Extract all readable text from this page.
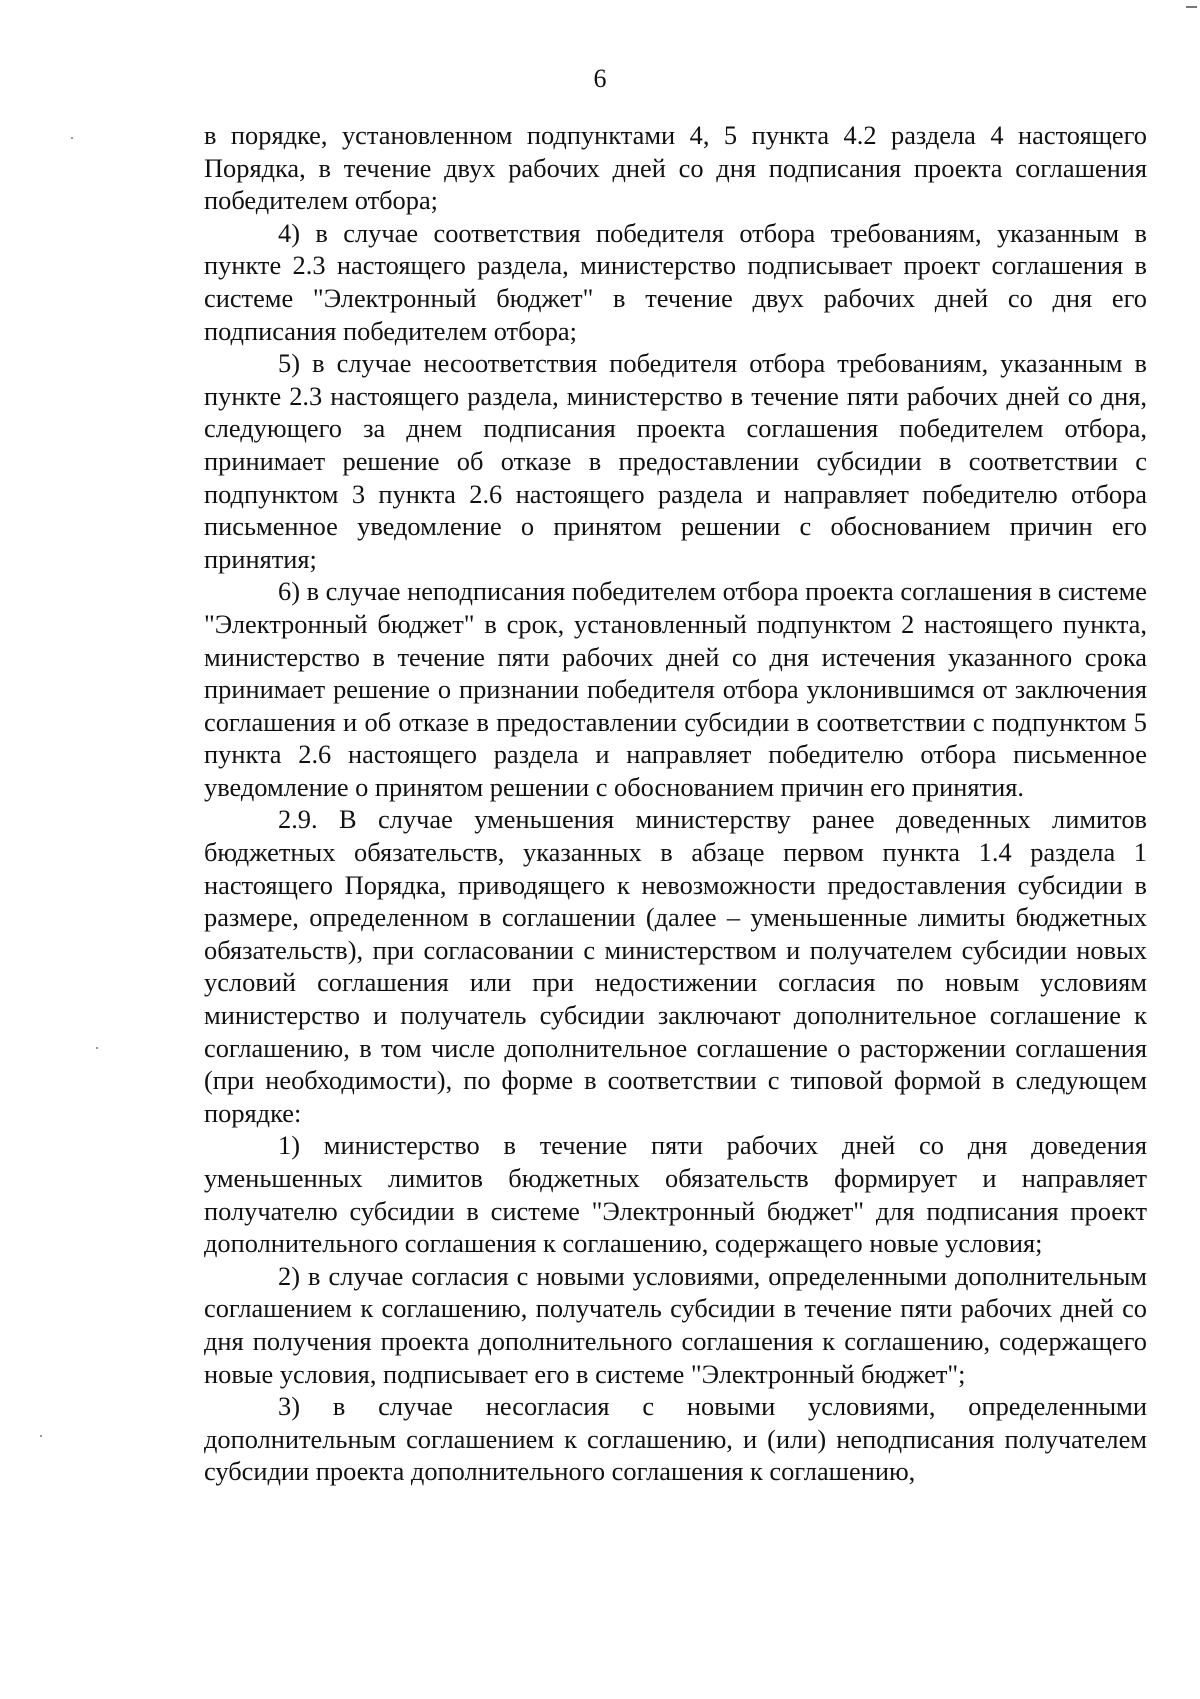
6

в порядке, установленном подпунктами 4, 5 пункта 4.2 раздела 4 настоящего Порядка, в течение двух рабочих дней со дня подписания проекта соглашения победителем отбора;

4) в случае соответствия победителя отбора требованиям, указанным в пункте 2.3 настоящего раздела, министерство подписывает проект соглашения в системе "Электронный бюджет" в течение двух рабочих дней со дня его подписания победителем отбора;

5) в случае несоответствия победителя отбора требованиям, указанным в пункте 2.3 настоящего раздела, министерство в течение пяти рабочих дней со дня, следующего за днем подписания проекта соглашения победителем отбора, принимает решение об отказе в предоставлении субсидии в соответствии с подпунктом 3 пункта 2.6 настоящего раздела и направляет победителю отбора письменное уведомление о принятом решении с обоснованием причин его принятия;

6) в случае неподписания победителем отбора проекта соглашения в системе "Электронный бюджет" в срок, установленный подпунктом 2 настоящего пункта, министерство в течение пяти рабочих дней со дня истечения указанного срока принимает решение о признании победителя отбора уклонившимся от заключения соглашения и об отказе в предоставлении субсидии в соответствии с подпунктом 5 пункта 2.6 настоящего раздела и направляет победителю отбора письменное уведомление о принятом решении с обоснованием причин его принятия.

2.9. В случае уменьшения министерству ранее доведенных лимитов бюджетных обязательств, указанных в абзаце первом пункта 1.4 раздела 1 настоящего Порядка, приводящего к невозможности предоставления субсидии в размере, определенном в соглашении (далее – уменьшенные лимиты бюджетных обязательств), при согласовании с министерством и получателем субсидии новых условий соглашения или при недостижении согласия по новым условиям министерство и получатель субсидии заключают дополнительное соглашение к соглашению, в том числе дополнительное соглашение о расторжении соглашения (при необходимости), по форме в соответствии с типовой формой в следующем порядке:

1) министерство в течение пяти рабочих дней со дня доведения уменьшенных лимитов бюджетных обязательств формирует и направляет получателю субсидии в системе "Электронный бюджет" для подписания проект дополнительного соглашения к соглашению, содержащего новые условия;

2) в случае согласия с новыми условиями, определенными дополнительным соглашением к соглашению, получатель субсидии в течение пяти рабочих дней со дня получения проекта дополнительного соглашения к соглашению, содержащего новые условия, подписывает его в системе "Электронный бюджет";

3) в случае несогласия с новыми условиями, определенными дополнительным соглашением к соглашению, и (или) неподписания получателем субсидии проекта дополнительного соглашения к соглашению,
